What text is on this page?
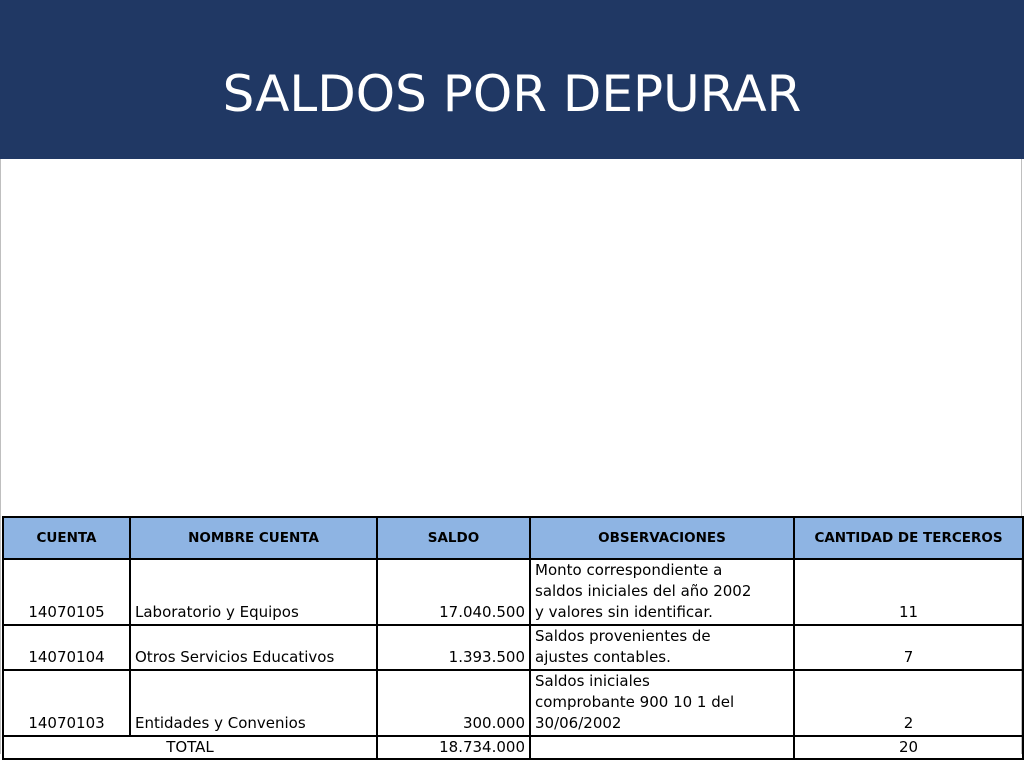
SALDOS POR DEPURAR
CUENTA	NOMBRE CUENTA	SALDO	OBSERVACIONES	CANTIDAD DE TERCEROS
14070105	Laboratorio y Equipos	17.040.500	Monto correspondiente a
saldos iniciales del año 2002
y valores sin identificar.	11
14070104	Otros Servicios Educativos	1.393.500	Saldos provenientes de
ajustes contables.	7
14070103	Entidades y Convenios	300.000	Saldos iniciales
comprobante 900 10 1 del
30/06/2002	2
TOTAL		18.734.000		20
